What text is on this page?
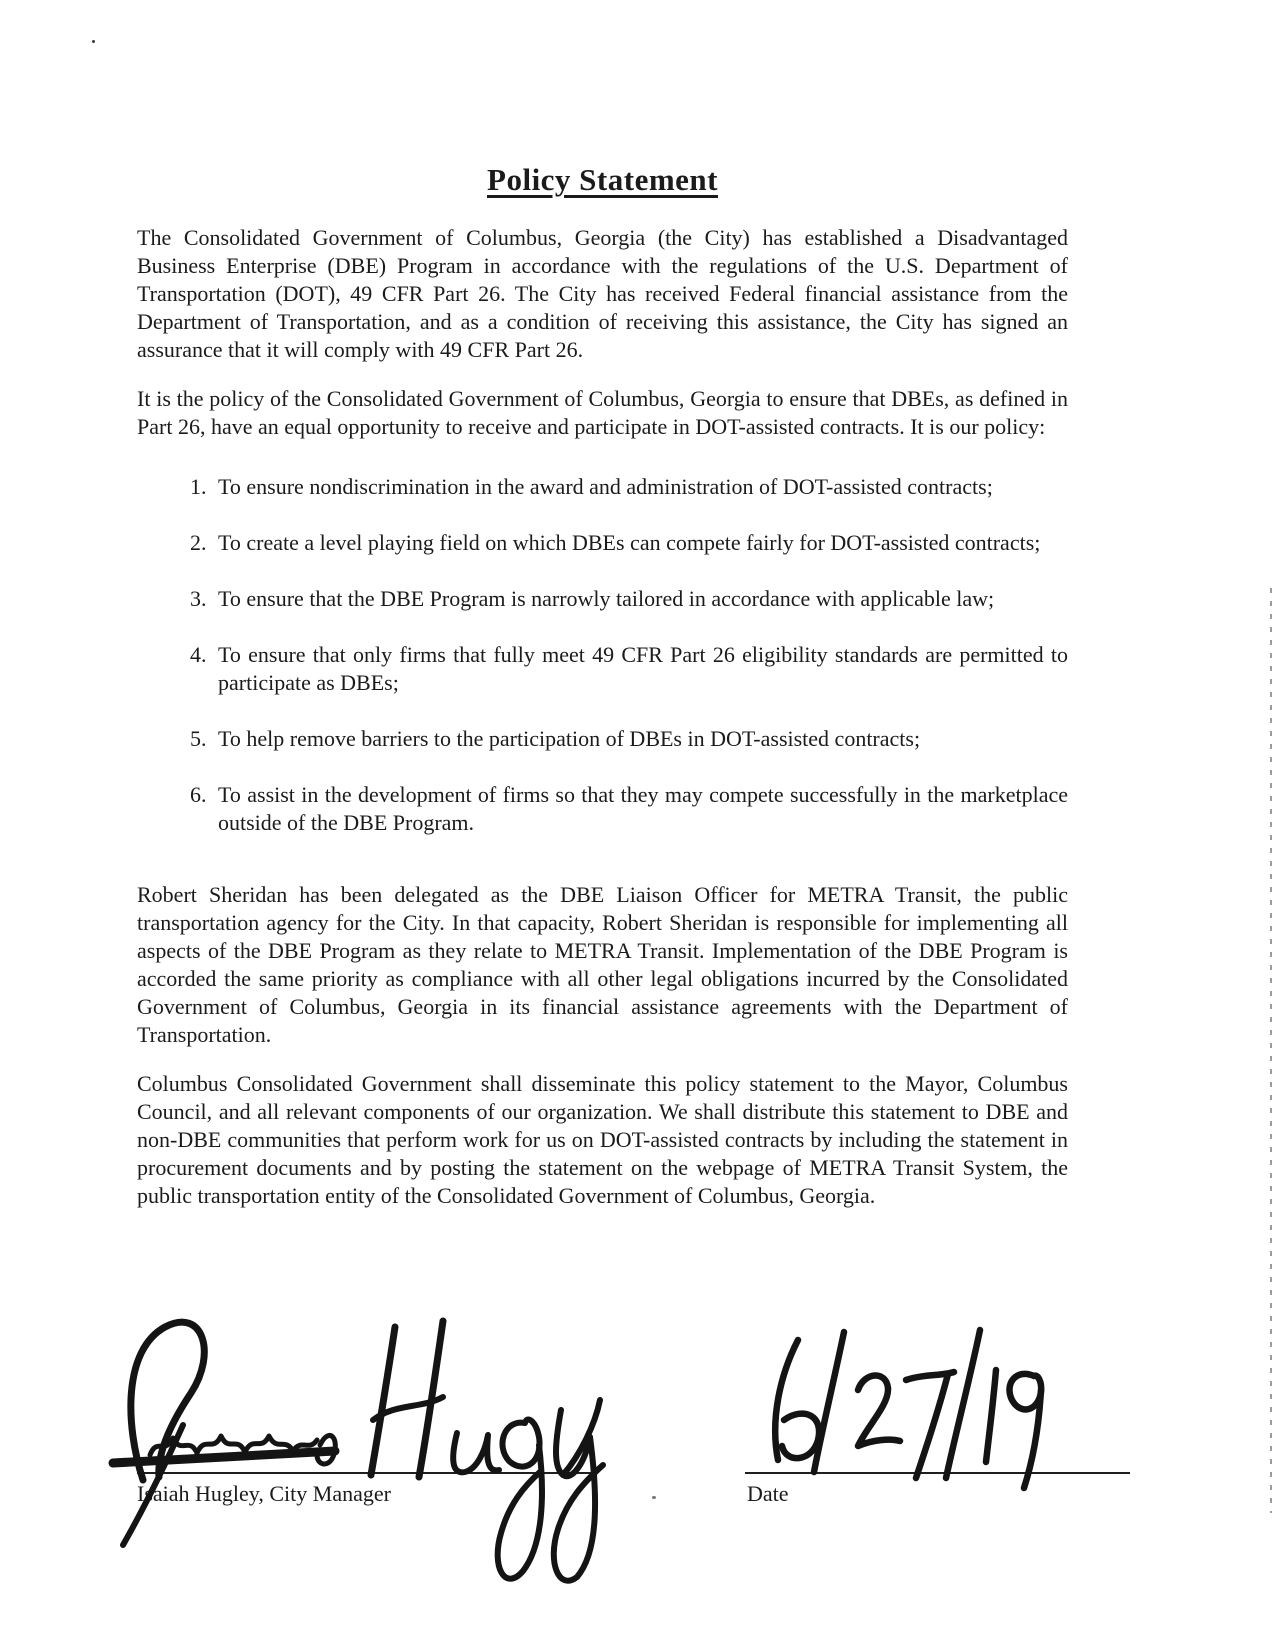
Policy Statement

The Consolidated Government of Columbus, Georgia (the City) has established a Disadvantaged Business Enterprise (DBE) Program in accordance with the regulations of the U.S. Department of Transportation (DOT), 49 CFR Part 26. The City has received Federal financial assistance from the Department of Transportation, and as a condition of receiving this assistance, the City has signed an assurance that it will comply with 49 CFR Part 26.

It is the policy of the Consolidated Government of Columbus, Georgia to ensure that DBEs, as defined in Part 26, have an equal opportunity to receive and participate in DOT-assisted contracts. It is our policy:

1. To ensure nondiscrimination in the award and administration of DOT-assisted contracts;
2. To create a level playing field on which DBEs can compete fairly for DOT-assisted contracts;
3. To ensure that the DBE Program is narrowly tailored in accordance with applicable law;
4. To ensure that only firms that fully meet 49 CFR Part 26 eligibility standards are permitted to participate as DBEs;
5. To help remove barriers to the participation of DBEs in DOT-assisted contracts;
6. To assist in the development of firms so that they may compete successfully in the marketplace outside of the DBE Program.

Robert Sheridan has been delegated as the DBE Liaison Officer for METRA Transit, the public transportation agency for the City. In that capacity, Robert Sheridan is responsible for implementing all aspects of the DBE Program as they relate to METRA Transit. Implementation of the DBE Program is accorded the same priority as compliance with all other legal obligations incurred by the Consolidated Government of Columbus, Georgia in its financial assistance agreements with the Department of Transportation.

Columbus Consolidated Government shall disseminate this policy statement to the Mayor, Columbus Council, and all relevant components of our organization. We shall distribute this statement to DBE and non-DBE communities that perform work for us on DOT-assisted contracts by including the statement in procurement documents and by posting the statement on the webpage of METRA Transit System, the public transportation entity of the Consolidated Government of Columbus, Georgia.

Isaiah Hugley, City Manager	Date
